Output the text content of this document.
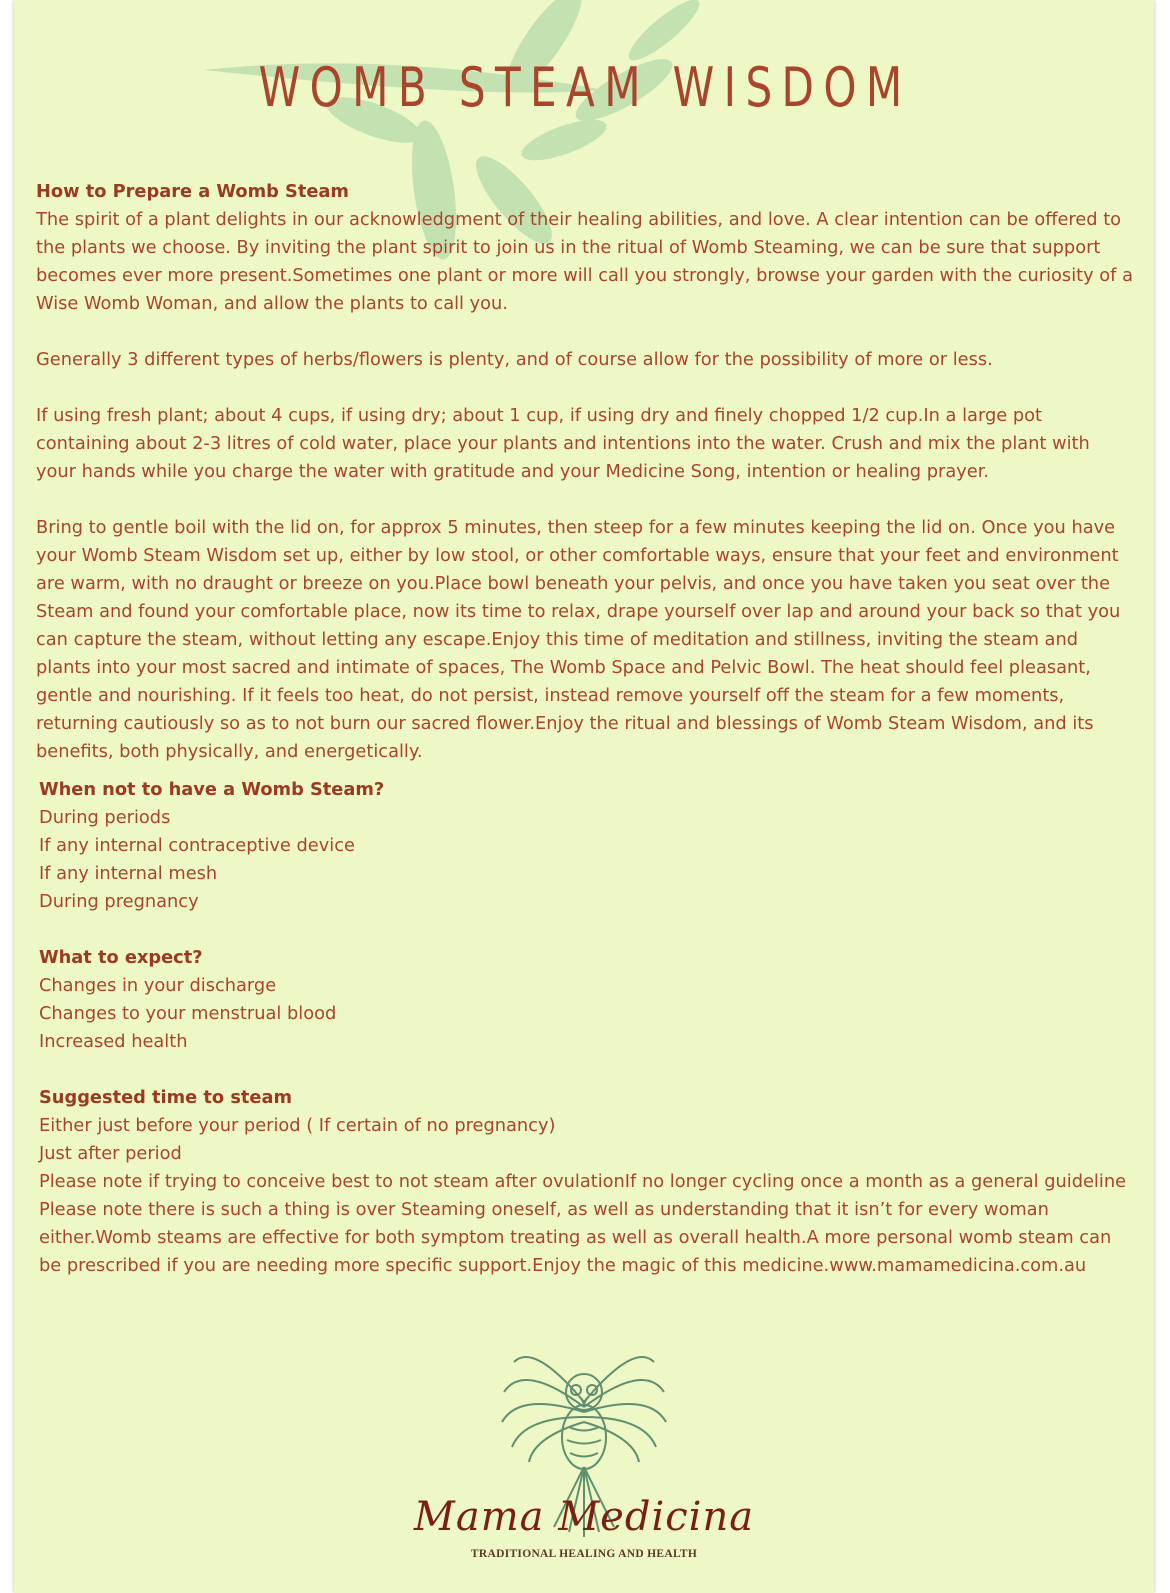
WOMB STEAM WISDOM

How to Prepare a Womb Steam

The spirit of a plant delights in our acknowledgment of their healing abilities, and love. A clear intention can be offered to the plants we choose. By inviting the plant spirit to join us in the ritual of Womb Steaming, we can be sure that support becomes ever more present.Sometimes one plant or more will call you strongly, browse your garden with the curiosity of a Wise Womb Woman, and allow the plants to call you.

Generally 3 different types of herbs/flowers is plenty, and of course allow for the possibility of more or less.

If using fresh plant; about 4 cups, if using dry; about 1 cup, if using dry and finely chopped 1/2 cup.In a large pot containing about 2-3 litres of cold water, place your plants and intentions into the water. Crush and mix the plant with your hands while you charge the water with gratitude and your Medicine Song, intention or healing prayer.

Bring to gentle boil with the lid on, for approx 5 minutes, then steep for a few minutes keeping the lid on. Once you have your Womb Steam Wisdom set up, either by low stool, or other comfortable ways, ensure that your feet and environment are warm, with no draught or breeze on you.Place bowl beneath your pelvis, and once you have taken you seat over the Steam and found your comfortable place, now its time to relax, drape yourself over lap and around your back so that you can capture the steam, without letting any escape.Enjoy this time of meditation and stillness, inviting the steam and plants into your most sacred and intimate of spaces, The Womb Space and Pelvic Bowl. The heat should feel pleasant, gentle and nourishing. If it feels too heat, do not persist, instead remove yourself off the steam for a few moments, returning cautiously so as to not burn our sacred flower.Enjoy the ritual and blessings of Womb Steam Wisdom, and its benefits, both physically, and energetically.

When not to have a Womb Steam?
During periods
If any internal contraceptive device
If any internal mesh
During pregnancy
What to expect?
Changes in your discharge
Changes to your menstrual blood
Increased health
Suggested time to steam
Either just before your period ( If certain of no pregnancy)
Just after period
Please note if trying to conceive best to not steam after ovulationIf no longer cycling once a month as a general guideline
Please note there is such a thing is over Steaming oneself, as well as understanding that it isn’t for every woman either.Womb steams are effective for both symptom treating as well as overall health.A more personal womb steam can be prescribed if you are needing more specific support.Enjoy the magic of this medicine.www.mamamedicina.com.au
Mama Medicina
TRADITIONAL HEALING AND HEALTH
